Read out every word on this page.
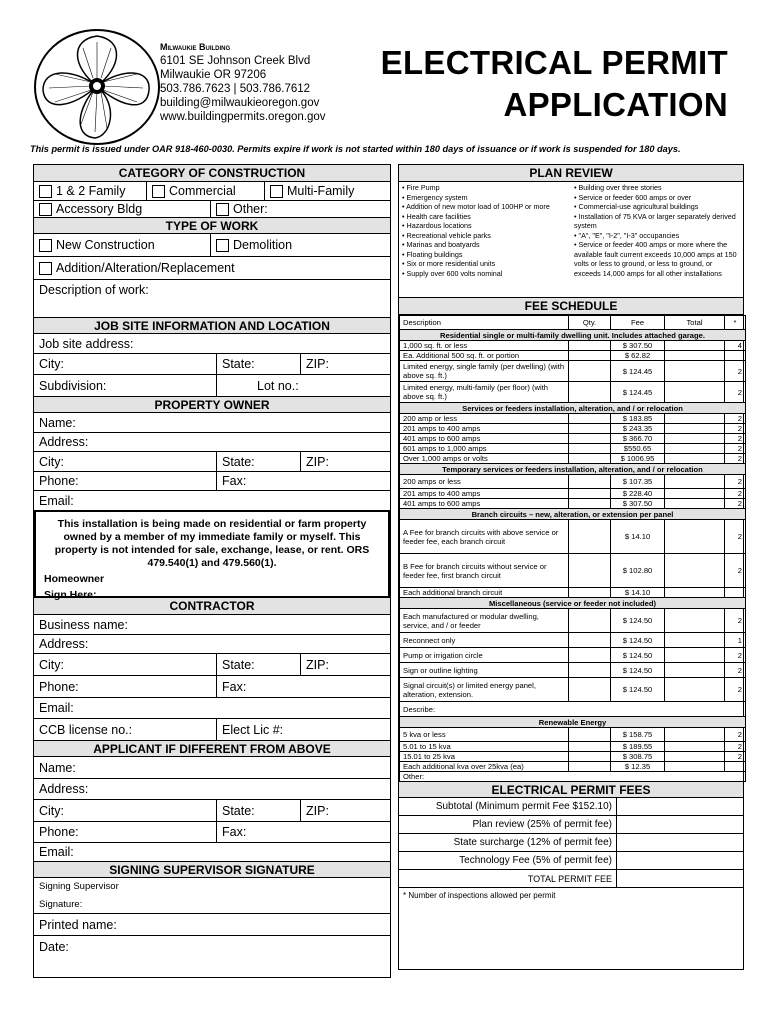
Milwaukie Building
6101 SE Johnson Creek Blvd
Milwaukie OR 97206
503.786.7623 | 503.786.7612
building@milwaukieoregon.gov
www.buildingpermits.oregon.gov
ELECTRICAL PERMIT
APPLICATION
This permit is issued under OAR 918-460-0030. Permits expire if work is not started within 180 days of issuance or if work is suspended for 180 days.
CATEGORY OF CONSTRUCTION
1 & 2 Family	Commercial	Multi-Family
Accessory Bldg	Other:
TYPE OF WORK
New Construction	Demolition
Addition/Alteration/Replacement
Description of work:
JOB SITE INFORMATION AND LOCATION
Job site address:
City:	State:	ZIP:
Subdivision:	Lot no.:
PROPERTY OWNER
Name:
Address:
City:	State:	ZIP:
Phone:	Fax:
Email:
This installation is being made on residential or farm property owned by a member of my immediate family or myself. This property is not intended for sale, exchange, lease, or rent. ORS 479.540(1) and 479.560(1).
Homeowner
Sign Here:
CONTRACTOR
Business name:
Address:
City:	State:	ZIP:
Phone:	Fax:
Email:
CCB license no.:	Elect Lic #:
APPLICANT IF DIFFERENT FROM ABOVE
Name:
Address:
City:	State:	ZIP:
Phone:	Fax:
Email:
SIGNING SUPERVISOR SIGNATURE
Signing Supervisor
Signature:
Printed name:
Date:
PLAN REVIEW
• Fire Pump
• Emergency system
• Addition of new motor load of 100HP or more
• Health care facilities
• Hazardous locations
• Recreational vehicle parks
• Marinas and boatyards
• Floating buildings
• Six or more residential units
• Supply over 600 volts nominal
• Building over three stories
• Service or feeder 600 amps or over
• Commercial-use agricultural buildings
• Installation of 75 KVA or larger separately derived system
• "A", "E", "I-2", "I-3" occupancies
• Service or feeder 400 amps or more where the available fault current exceeds 10,000 amps at 150 volts or less to ground, or less to ground, or exceeds 14,000 amps for all other installations
FEE SCHEDULE
Description	Qty.	Fee	Total	*
Residential single or multi-family dwelling unit. Includes attached garage.				
1,000 sq. ft. or less		$ 307.50		4
Ea. Additional 500 sq. ft. or portion		$ 62.82		
Limited energy, single family (per dwelling) (with above sq. ft.)		$ 124.45		2
Limited energy, multi-family (per floor) (with above sq. ft.)		$ 124.45		2
Services or feeders installation, alteration, and / or relocation				
200 amp or less		$ 183.85		2
201 amps to 400 amps		$ 243.35		2
401 amps to 600 amps		$ 366.70		2
601 amps to 1,000 amps		$550.65		2
Over 1,000 amps or volts		$ 1006.95		2
Temporary services or feeders installation, alteration, and / or relocation				
200 amps or less		$ 107.35		2
201 amps to 400 amps		$ 228.40		2
401 amps to 600 amps		$ 307.50		2
Branch circuits – new, alteration, or extension per panel				
A Fee for branch circuits with above service or feeder fee, each branch circuit		$ 14.10		2
B Fee for branch circuits without service or feeder fee, first branch circuit		$ 102.80		2
Each additional branch circuit		$ 14.10		
Miscellaneous (service or feeder not included)				
Each manufactured or modular dwelling, service, and / or feeder		$ 124.50		2
Reconnect only		$ 124.50		1
Pump or irrigation circle		$ 124.50		2
Sign or outline lighting		$ 124.50		2
Signal circuit(s) or limited energy panel, alteration, extension.		$ 124.50		2
Describe:				
Renewable Energy				
5 kva or less		$ 158.75		2
5.01 to 15 kva		$ 189.55		2
15.01 to 25 kva		$ 308.75		2
Each additional kva over 25kva (ea)		$ 12.35		
Other:				
ELECTRICAL PERMIT FEES
Subtotal (Minimum permit Fee $152.10)
Plan review (25% of permit fee)
State surcharge (12% of permit fee)
Technology Fee (5% of permit fee)
TOTAL PERMIT FEE
* Number of inspections allowed per permit
